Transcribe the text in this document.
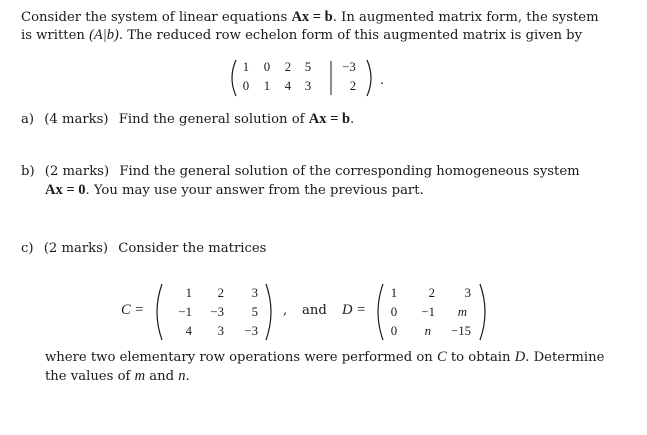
Consider the system of linear equations Ax = b. In augmented matrix form, the system
is written (A|b). The reduced row echelon form of this augmented matrix is given by
1	0	2	5	−3
0	1	4	3	2	.
a) (4 marks) Find the general solution of Ax = b.
b) (2 marks) Find the general solution of the corresponding homogeneous system
Ax = 0. You may use your answer from the previous part.
c) (2 marks) Consider the matrices
C =
1	2	3
−1	−3	5
4	3	−3
, and D =
1	2	3
0	−1	m
0	n	−15
where two elementary row operations were performed on C to obtain D. Determine
the values of m and n.
